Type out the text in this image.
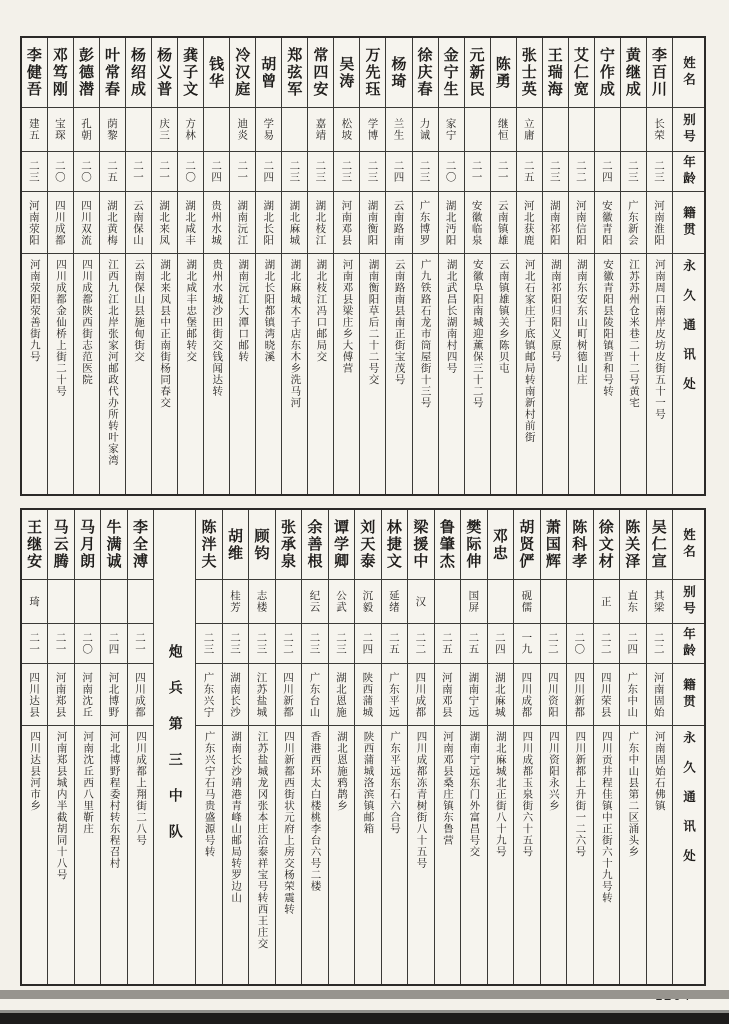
姓名
别号
年龄
籍贯
永久通讯处
李百川
长荣
二三
河南淮阳
河南周口南岸皮坊皮街五十一号
黄继成
二三
广东新会
江苏苏州仓米巷二十二号黄宅
宁作成
二四
安徽青阳
安徽青阳县陵阳镇晋和号转
艾仁宽
二二
河南信阳
湖南东安东山町树德山庄
王瑞海
二三
湖南祁阳
湖南祁阳归阳义原号
张士英
立庸
二五
河北获鹿
河北石家庄于底镇邮局转南新村前街
陈勇
继恒
二一
云南镇雄
云南镇雄镇关乡陈贝屯
元新民
二一
安徽临泉
安徽阜阳南城迎薰保三十二号
金宁生
家宁
二〇
湖北沔阳
湖北武昌长湖南村四号
徐庆春
力诚
二三
广东博罗
广九铁路石龙市筒屋街十三号
杨琦
兰生
二四
云南路南
云南路南县南正街宝茂号
万先珏
学博
二三
湖南衡阳
湖南衡阳草后二十二号交
吴涛
松坡
二三
河南邓县
河南邓县梁庄乡大傅营
常四安
嘉靖
二三
湖北枝江
湖北枝江冯口邮局交
郑弦军
二三
湖北麻城
湖北麻城木子店东木乡洗马河
胡曾
学易
二四
湖北长阳
湖北长阳都镇湾晓溪
冷汉庭
迪炎
二一
湖南沅江
湖南沅江大潭口邮转
钱华
二四
贵州水城
贵州水城沙田街交钱闻达转
龚子文
方林
二〇
湖北咸丰
湖北咸丰忠堡邮转交
杨义普
庆三
二一
湖北来凤
湖北来凤县中正南街杨同春交
杨绍成
二一
云南保山
云南保山县施甸街交
叶常春
荫黎
二五
湖北黄梅
江西九江北岸张家河邮政代办所转叶家湾
彭德潜
孔朝
二〇
四川双流
四川成都陕西街志范医院
邓笃刚
宝琛
二〇
四川成都
四川成都金仙桥上街二十号
李健吾
建五
二三
河南荥阳
河南荥阳荥善街九号
姓名
别号
年龄
籍贯
永久通讯处
吴仁宣
其梁
二二
河南固始
河南固始石佛镇
陈关泽
直东
二四
广东中山
广东中山县第二区涌头乡
徐文材
正
二二
四川荣县
四川贡井程佳镇中正街六十九号转
陈科孝
二〇
四川新都
四川新都上升街一二六号
萧国辉
二二
四川资阳
四川资阳永兴乡
胡贤俨
砚儒
一九
四川成都
四川成都玉泉街六十五号
邓忠
二四
湖北麻城
湖北麻城北正街八十九号
樊际伸
国屏
二五
湖南宁远
湖南宁远东门外富昌号交
鲁肇杰
二五
河南邓县
河南邓县桑庄镇东鲁营
梁援中
汉
二二
四川成都
四川成都冻青树街八十五号
林捷文
延绪
二五
广东平远
广东平远东石六合号
刘天泰
沉毅
二四
陕西蒲城
陕西蒲城洛滨镇邮箱
谭学卿
公武
二三
湖北恩施
湖北恩施鸦鹊乡
余善根
纪云
二三
广东台山
香港西环太白楼桃李台六号二楼
张承泉
二二
四川新都
四川新都西街状元府上房交杨荣震转
顾钧
志楼
二三
江苏盐城
江苏盐城龙冈张本庄洽泰祥宝号转西王庄交
胡维
桂芳
二三
湖南长沙
湖南长沙靖港青峰山邮局转罗边山
陈泮夫
二三
广东兴宁
广东兴宁石马贵盛源号转
炮兵第三中队
李全溥
二一
四川成都
四川成都上翔街二八号
牛满诚
二四
河北博野
河北博野程委村转东程召村
马月朗
二〇
河南沈丘
河南沈丘西八里靳庄
马云腾
二一
河南郑县
河南郑县城内半截胡同十八号
王继安
琦
二一
四川达县
四川达县河市乡
